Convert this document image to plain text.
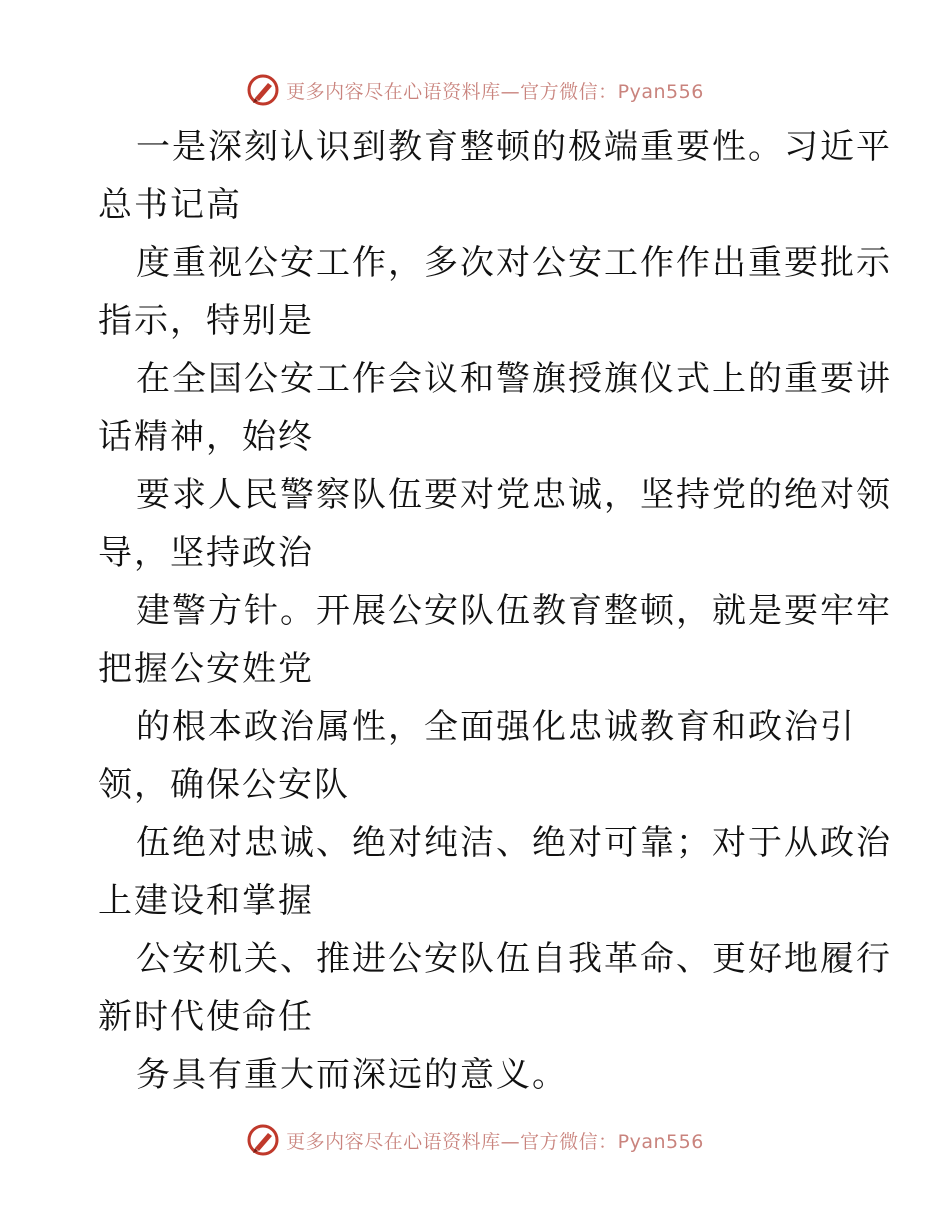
更多内容尽在心语资料库—官方微信：Pyan556
一是深刻认识到教育整顿的极端重要性。习近平
总书记高
度重视公安工作，多次对公安工作作出重要批示
指示，特别是
在全国公安工作会议和警旗授旗仪式上的重要讲
话精神，始终
要求人民警察队伍要对党忠诚，坚持党的绝对领
导，坚持政治
建警方针。开展公安队伍教育整顿，就是要牢牢
把握公安姓党
的根本政治属性，全面强化忠诚教育和政治引
领，确保公安队
伍绝对忠诚、绝对纯洁、绝对可靠；对于从政治
上建设和掌握
公安机关、推进公安队伍自我革命、更好地履行
新时代使命任
务具有重大而深远的意义。
更多内容尽在心语资料库—官方微信：Pyan556
